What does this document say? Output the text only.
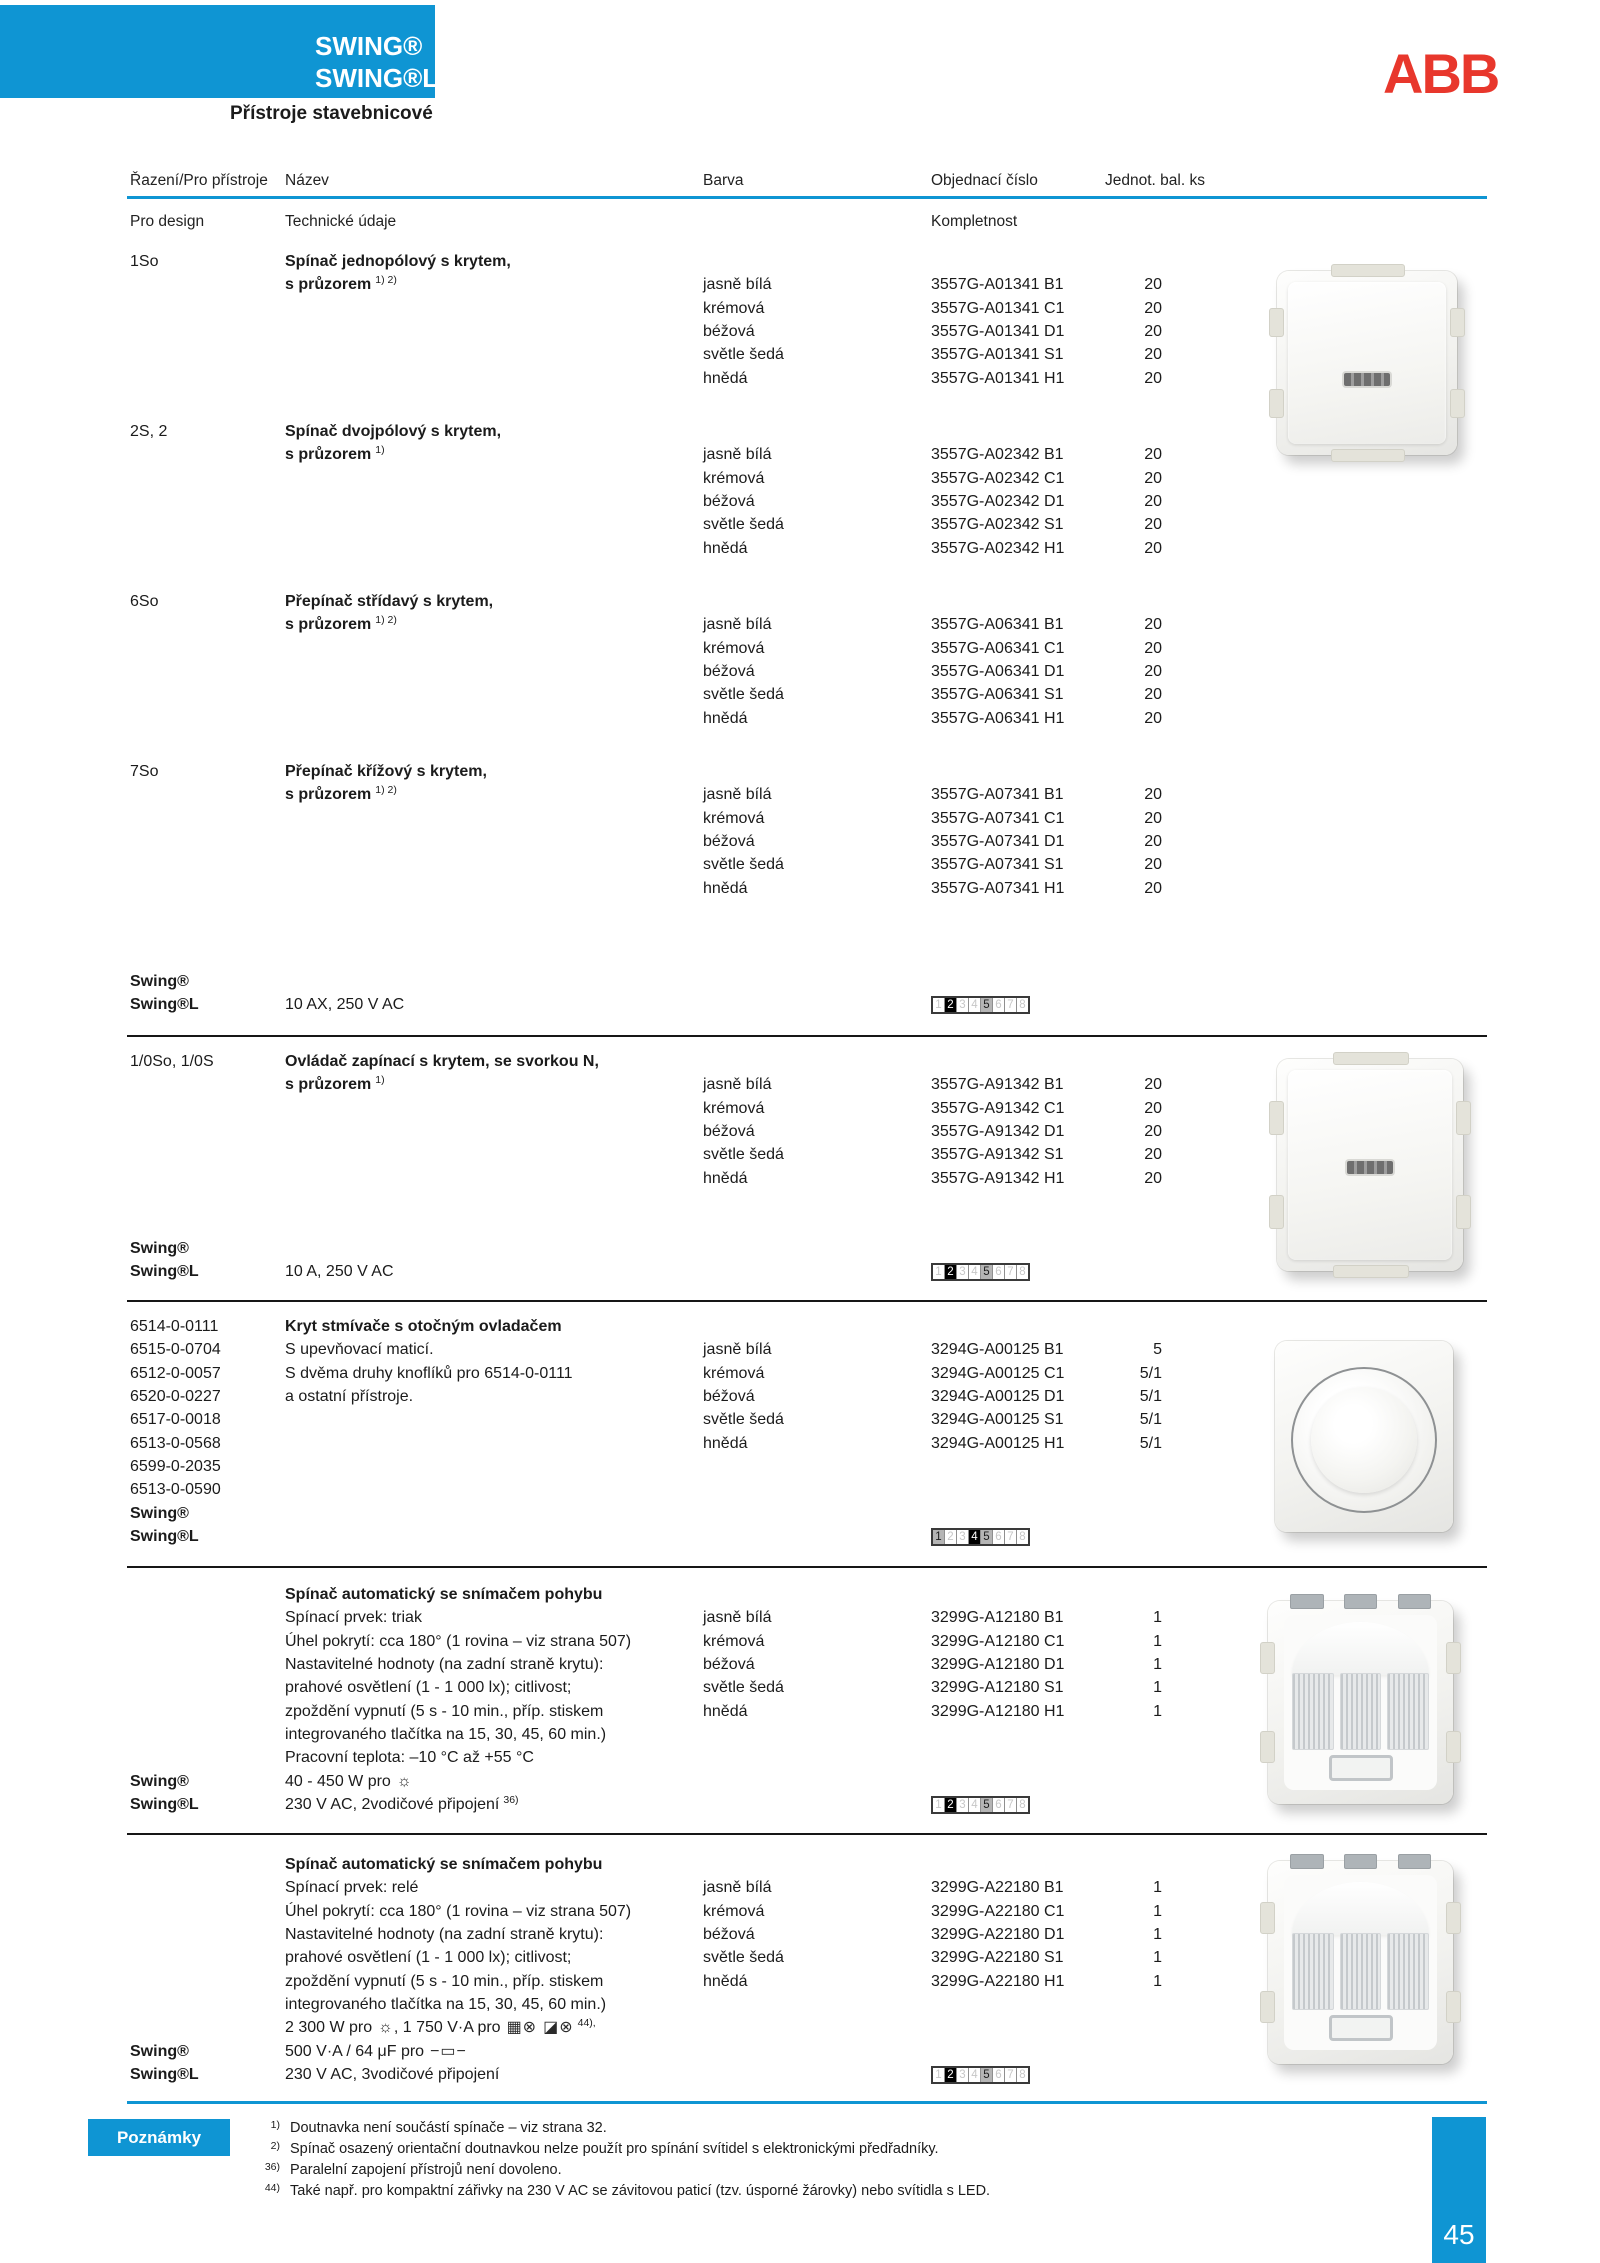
SWING®
SWING®L
Přístroje stavebnicové
ABB
Řazení/Pro přístroje Název	Barva	Objednací číslo	Jednot. bal. ks
Pro design	Technické údaje	Kompletnost
1So	Spínač jednopólový s krytem,
s průzorem $^{1) 2)}$	jasně bílá	3557G-A01341 B1	20
krémová	3557G-A01341 C1	20
béžová	3557G-A01341 D1	20
světle šedá	3557G-A01341 S1	20
hnědá	3557G-A01341 H1	20
2S, 2	Spínač dvojpólový s krytem,
s průzorem $^{1)}$	jasně bílá	3557G-A02342 B1	20
krémová	3557G-A02342 C1	20
béžová	3557G-A02342 D1	20
světle šedá	3557G-A02342 S1	20
hnědá	3557G-A02342 H1	20
6So	Přepínač střídavý s krytem,
s průzorem $^{1) 2)}$	jasně bílá	3557G-A06341 B1	20
krémová	3557G-A06341 C1	20
béžová	3557G-A06341 D1	20
světle šedá	3557G-A06341 S1	20
hnědá	3557G-A06341 H1	20
7So	Přepínač křížový s krytem,
s průzorem $^{1) 2)}$	jasně bílá	3557G-A07341 B1	20
krémová	3557G-A07341 C1	20
béžová	3557G-A07341 D1	20
světle šedá	3557G-A07341 S1	20
hnědá	3557G-A07341 H1	20
Swing®
Swing®L	10 AX, 250 V AC	1 2 3 4 5 6 7 8
1/0So, 1/0S	Ovládač zapínací s krytem, se svorkou N,
s průzorem $^{1)}$	jasně bílá	3557G-A91342 B1	20
krémová	3557G-A91342 C1	20
béžová	3557G-A91342 D1	20
světle šedá	3557G-A91342 S1	20
hnědá	3557G-A91342 H1	20
Swing®
Swing®L	10 A, 250 V AC	1 2 3 4 5 6 7 8
6514-0-0111	Kryt stmívače s otočným ovladačem
6515-0-0704	S upevňovací maticí.	jasně bílá	3294G-A00125 B1	5
6512-0-0057	S dvěma druhy knoflíků pro 6514-0-0111	krémová	3294G-A00125 C1	5/1
6520-0-0227	a ostatní přístroje.	béžová	3294G-A00125 D1	5/1
6517-0-0018	světle šedá	3294G-A00125 S1	5/1
6513-0-0568	hnědá	3294G-A00125 H1	5/1
6599-0-2035
6513-0-0590
Swing®
Swing®L	1 2 3 4 5 6 7 8
Spínač automatický se snímačem pohybu
Spínací prvek: triak	jasně bílá	3299G-A12180 B1	1
Úhel pokrytí: cca 180° (1 rovina – viz strana 507)	krémová	3299G-A12180 C1	1
Nastavitelné hodnoty (na zadní straně krytu):	béžová	3299G-A12180 D1	1
prahové osvětlení (1 - 1 000 lx); citlivost;	světle šedá	3299G-A12180 S1	1
zpoždění vypnutí (5 s - 10 min., příp. stiskem	hnědá	3299G-A12180 H1	1
integrovaného tlačítka na 15, 30, 45, 60 min.)
Pracovní teplota: –10 °C až +55 °C
Swing®	40 - 450 W pro ☼
Swing®L	230 V AC, 2vodičové připojení $^{36)}$	1 2 3 4 5 6 7 8
Spínač automatický se snímačem pohybu
Spínací prvek: relé	jasně bílá	3299G-A22180 B1	1
Úhel pokrytí: cca 180° (1 rovina – viz strana 507)	krémová	3299G-A22180 C1	1
Nastavitelné hodnoty (na zadní straně krytu):	béžová	3299G-A22180 D1	1
prahové osvětlení (1 - 1 000 lx); citlivost;	světle šedá	3299G-A22180 S1	1
zpoždění vypnutí (5 s - 10 min., příp. stiskem	hnědá	3299G-A22180 H1	1
integrovaného tlačítka na 15, 30, 45, 60 min.)
2 300 W pro ☼, 1 750 V·A pro ▦⊗ ◪⊗ $^{44),}$
Swing®	500 V·A / 64 μF pro −▭−
Swing®L	230 V AC, 3vodičové připojení	1 2 3 4 5 6 7 8
Poznámky
1) Doutnavka není součástí spínače – viz strana 32.
2) Spínač osazený orientační doutnavkou nelze použít pro spínání svítidel s elektronickými předřadníky.
36) Paralelní zapojení přístrojů není dovoleno.
44) Také např. pro kompaktní zářivky na 230 V AC se závitovou paticí (tzv. úsporné žárovky) nebo svítidla s LED.
45
